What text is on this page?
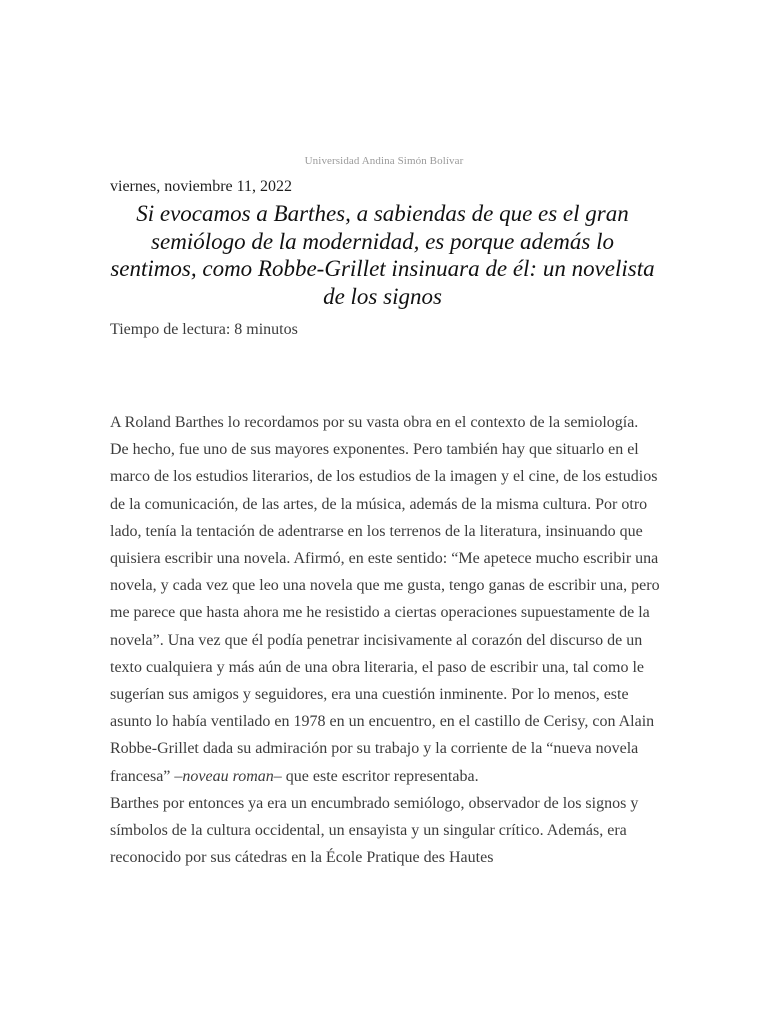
Universidad Andina Simón Bolívar
viernes, noviembre 11, 2022
Si evocamos a Barthes, a sabiendas de que es el gran semiólogo de la modernidad, es porque además lo sentimos, como Robbe-Grillet insinuara de él: un novelista de los signos
Tiempo de lectura: 8 minutos

A Roland Barthes lo recordamos por su vasta obra en el contexto de la semiología. De hecho, fue uno de sus mayores exponentes. Pero también hay que situarlo en el marco de los estudios literarios, de los estudios de la imagen y el cine, de los estudios de la comunicación, de las artes, de la música, además de la misma cultura. Por otro lado, tenía la tentación de adentrarse en los terrenos de la literatura, insinuando que quisiera escribir una novela. Afirmó, en este sentido: “Me apetece mucho escribir una novela, y cada vez que leo una novela que me gusta, tengo ganas de escribir una, pero me parece que hasta ahora me he resistido a ciertas operaciones supuestamente de la novela”. Una vez que él podía penetrar incisivamente al corazón del discurso de un texto cualquiera y más aún de una obra literaria, el paso de escribir una, tal como le sugerían sus amigos y seguidores, era una cuestión inminente. Por lo menos, este asunto lo había ventilado en 1978 en un encuentro, en el castillo de Cerisy, con Alain Robbe-Grillet dada su admiración por su trabajo y la corriente de la “nueva novela francesa” –noveau roman– que este escritor representaba.

Barthes por entonces ya era un encumbrado semiólogo, observador de los signos y símbolos de la cultura occidental, un ensayista y un singular crítico. Además, era reconocido por sus cátedras en la École Pratique des Hautes
